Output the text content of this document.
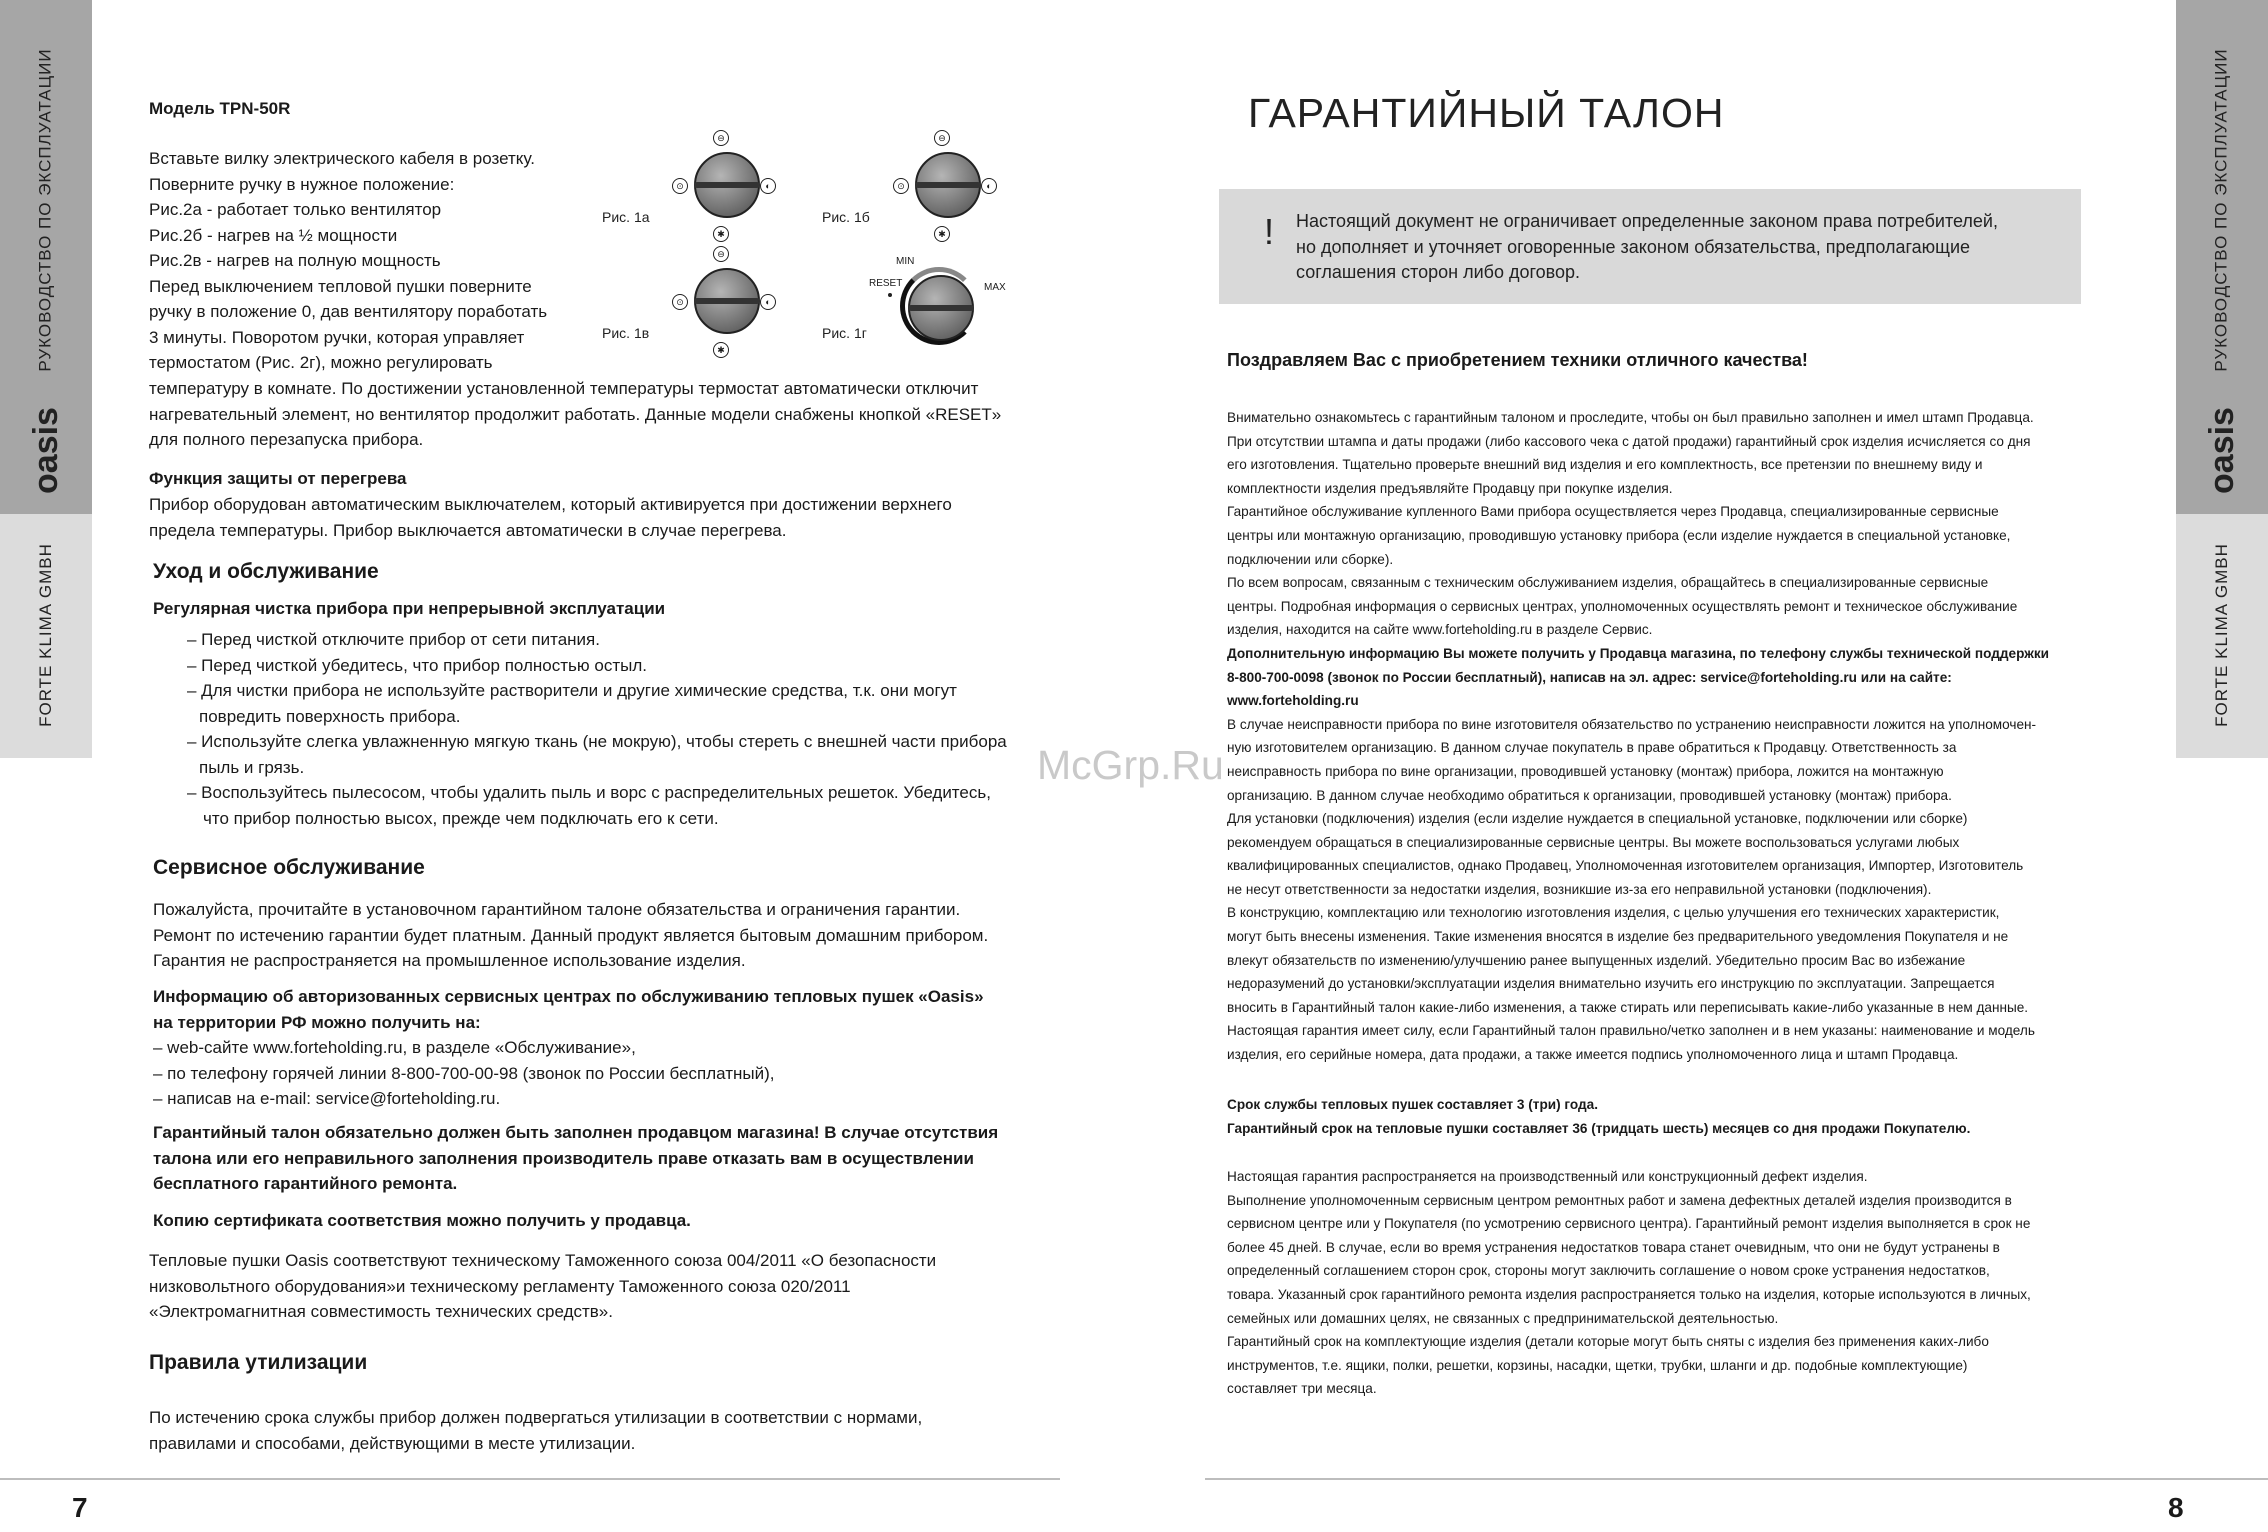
РУКОВОДСТВО ПО ЭКСПЛУАТАЦИИ
oasis
FORTE KLIMA GMBH
РУКОВОДСТВО ПО ЭКСПЛУАТАЦИИ
oasis
FORTE KLIMA GMBH
7	8
Модель TPN-50R
Вставьте вилку электрического кабеля в розетку.
Поверните ручку в нужное положение:
Рис.2а - работает только вентилятор
Рис.2б - нагрев на ½ мощности
Рис.2в - нагрев на полную мощность
Перед выключением тепловой пушки поверните
ручку в положение 0, дав вентилятору поработать
3 минуты. Поворотом ручки, которая управляет
термостатом (Рис. 2г), можно регулировать
температуру в комнате. По достижении установленной температуры термостат автоматически отключит
нагревательный элемент, но вентилятор продолжит работать. Данные модели снабжены кнопкой «RESET»
для полного перезапуска прибора.
Рис. 1а	Рис. 1б
Рис. 1в	Рис. 1г
⊖
⊙	◐
✱
⊖
⊙	◐
✱
⊖
⊙	◐
✱
MIN
MAX
RESET
Функция защиты от перегрева
Прибор оборудован автоматическим выключателем, который активируется при достижении верхнего
предела температуры. Прибор выключается автоматически в случае перегрева.
Уход и обслуживание
Регулярная чистка прибора при непрерывной эксплуатации
– Перед чисткой отключите прибор от сети питания.
– Перед чисткой убедитесь, что прибор полностью остыл.
– Для чистки прибора не используйте растворители и другие химические средства, т.к. они могут
повредить поверхность прибора.
– Используйте слегка увлажненную мягкую ткань (не мокрую), чтобы стереть с внешней части прибора
пыль и грязь.
– Воспользуйтесь пылесосом, чтобы удалить пыль и ворс с распределительных решеток. Убедитесь,
что прибор полностью высох, прежде чем подключать его к сети.
Сервисное обслуживание
Пожалуйста, прочитайте в установочном гарантийном талоне обязательства и ограничения гарантии.
Ремонт по истечению гарантии будет платным. Данный продукт является бытовым домашним прибором.
Гарантия не распространяется на промышленное использование изделия.
Информацию об авторизованных сервисных центрах по обслуживанию тепловых пушек «Oasis»
на территории РФ можно получить на:
– web-сайте www.forteholding.ru, в разделе «Обслуживание»,
– по телефону горячей линии 8-800-700-00-98 (звонок по России бесплатный),
– написав на e-mail: service@forteholding.ru.
Гарантийный талон обязательно должен быть заполнен продавцом магазина! В случае отсутствия
талона или его неправильного заполнения производитель праве отказать вам в осуществлении
бесплатного гарантийного ремонта.
Копию сертификата соответствия можно получить у продавца.
Тепловые пушки Oasis соответствуют техническому Таможенного союза 004/2011 «О безопасности
низковольтного оборудования»и техническому регламенту Таможенного союза 020/2011
«Электромагнитная совместимость технических средств».
Правила утилизации
По истечению срока службы прибор должен подвергаться утилизации в соответствии с нормами,
правилами и способами, действующими в месте утилизации.
McGrp.Ru
ГАРАНТИЙНЫЙ ТАЛОН
! Настоящий документ не ограничивает определенные законом права потребителей,
но дополняет и уточняет оговоренные законом обязательства, предполагающие
соглашения сторон либо договор.
Поздравляем Вас с приобретением техники отличного качества!
Внимательно ознакомьтесь с гарантийным талоном и проследите, чтобы он был правильно заполнен и имел штамп Продавца.
При отсутствии штампа и даты продажи (либо кассового чека с датой продажи) гарантийный срок изделия исчисляется со дня
его изготовления. Тщательно проверьте внешний вид изделия и его комплектность, все претензии по внешнему виду и
комплектности изделия предъявляйте Продавцу при покупке изделия.
Гарантийное обслуживание купленного Вами прибора осуществляется через Продавца, специализированные сервисные
центры или монтажную организацию, проводившую установку прибора (если изделие нуждается в специальной установке,
подключении или сборке).
По всем вопросам, связанным с техническим обслуживанием изделия, обращайтесь в специализированные сервисные
центры. Подробная информация о сервисных центрах, уполномоченных осуществлять ремонт и техническое обслуживание
изделия, находится на сайте www.forteholding.ru в разделе Сервис.
Дополнительную информацию Вы можете получить у Продавца магазина, по телефону службы технической поддержки
8-800-700-0098 (звонок по России бесплатный), написав на эл. адрес: service@forteholding.ru или на сайте:
www.forteholding.ru
В случае неисправности прибора по вине изготовителя обязательство по устранению неисправности ложится на уполномочен-
ную изготовителем организацию. В данном случае покупатель в праве обратиться к Продавцу. Ответственность за
неисправность прибора по вине организации, проводившей установку (монтаж) прибора, ложится на монтажную
организацию. В данном случае необходимо обратиться к организации, проводившей установку (монтаж) прибора.
Для установки (подключения) изделия (если изделие нуждается в специальной установке, подключении или сборке)
рекомендуем обращаться в специализированные сервисные центры. Вы можете воспользоваться услугами любых
квалифицированных специалистов, однако Продавец, Уполномоченная изготовителем организация, Импортер, Изготовитель
не несут ответственности за недостатки изделия, возникшие из-за его неправильной установки (подключения).
В конструкцию, комплектацию или технологию изготовления изделия, с целью улучшения его технических характеристик,
могут быть внесены изменения. Такие изменения вносятся в изделие без предварительного уведомления Покупателя и не
влекут обязательств по изменению/улучшению ранее выпущенных изделий. Убедительно просим Вас во избежание
недоразумений до установки/эксплуатации изделия внимательно изучить его инструкцию по эксплуатации. Запрещается
вносить в Гарантийный талон какие-либо изменения, а также стирать или переписывать какие-либо указанные в нем данные.
Настоящая гарантия имеет силу, если Гарантийный талон правильно/четко заполнен и в нем указаны: наименование и модель
изделия, его серийные номера, дата продажи, а также имеется подпись уполномоченного лица и штамп Продавца.
Срок службы тепловых пушек составляет 3 (три) года.
Гарантийный срок на тепловые пушки составляет 36 (тридцать шесть) месяцев со дня продажи Покупателю.
Настоящая гарантия распространяется на производственный или конструкционный дефект изделия.
Выполнение уполномоченным сервисным центром ремонтных работ и замена дефектных деталей изделия производится в
сервисном центре или у Покупателя (по усмотрению сервисного центра). Гарантийный ремонт изделия выполняется в срок не
более 45 дней. В случае, если во время устранения недостатков товара станет очевидным, что они не будут устранены в
определенный соглашением сторон срок, стороны могут заключить соглашение о новом сроке устранения недостатков,
товара. Указанный срок гарантийного ремонта изделия распространяется только на изделия, которые используются в личных,
семейных или домашних целях, не связанных с предпринимательской деятельностью.
Гарантийный срок на комплектующие изделия (детали которые могут быть сняты с изделия без применения каких-либо
инструментов, т.е. ящики, полки, решетки, корзины, насадки, щетки, трубки, шланги и др. подобные комплектующие)
составляет три месяца.
